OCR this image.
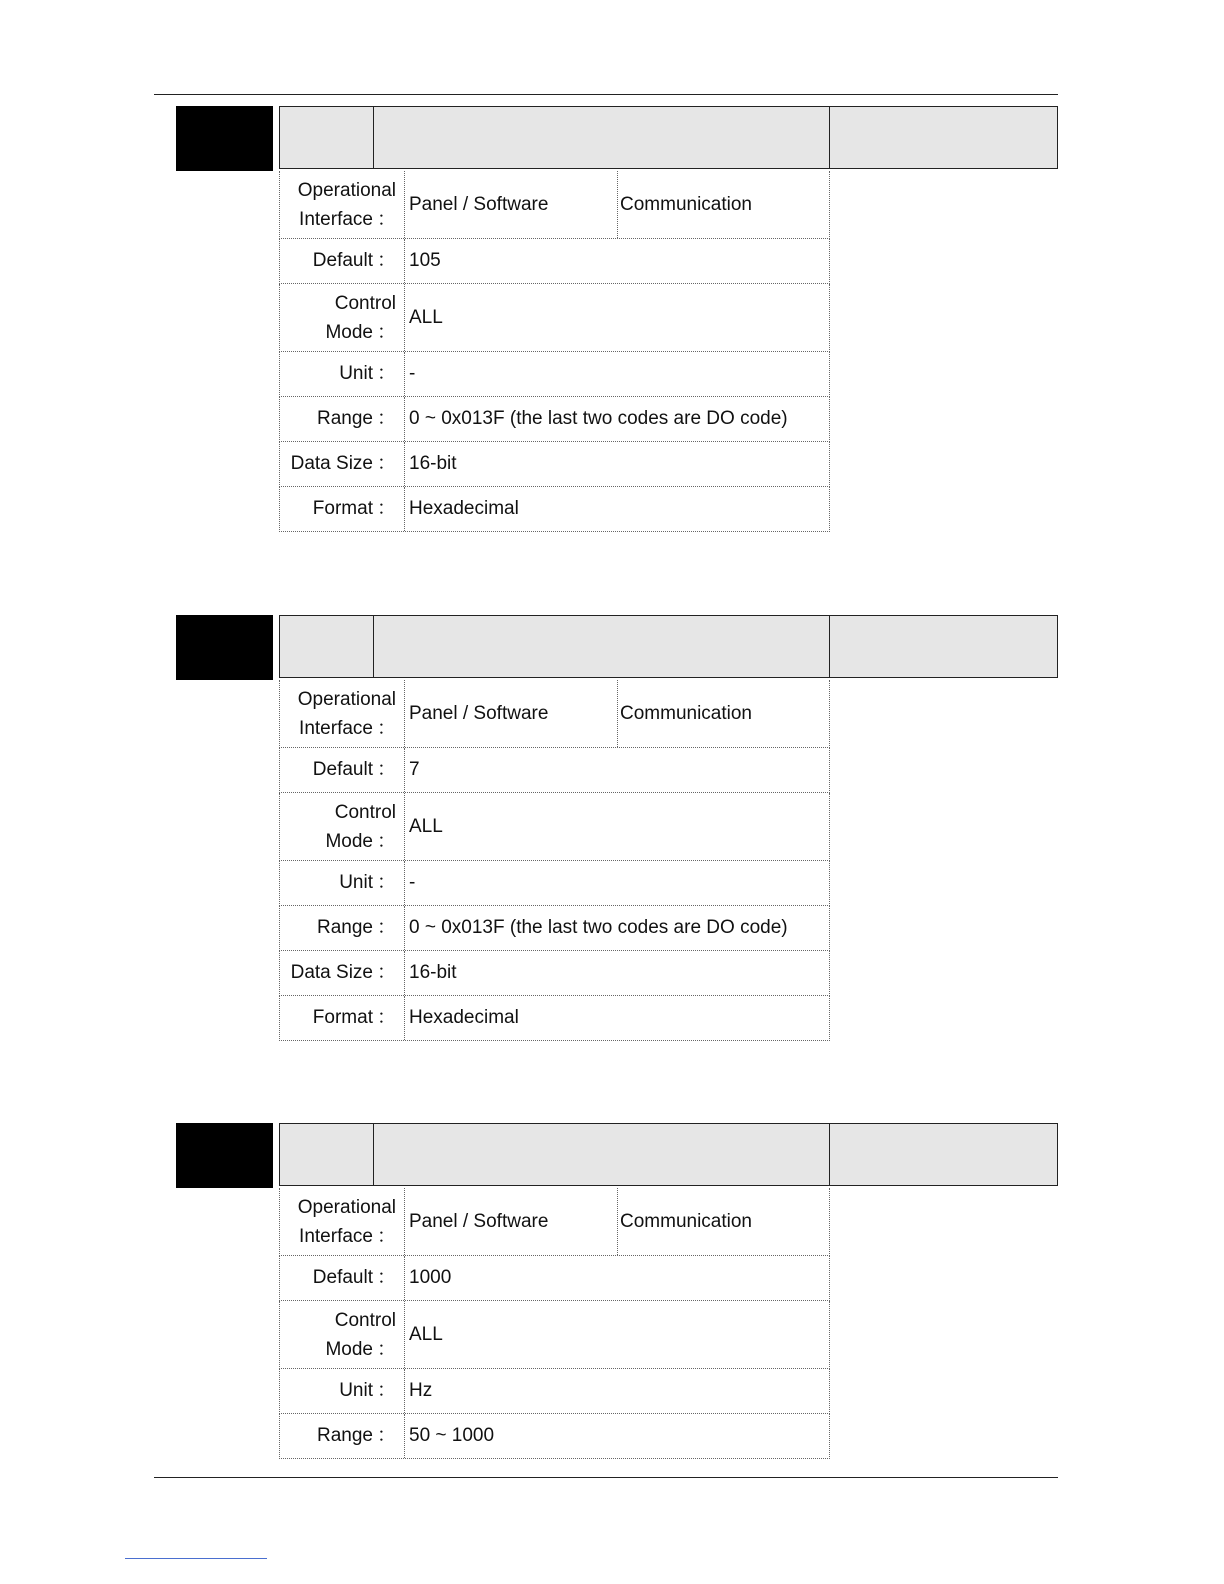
Operational
Interface ：
Panel / Software	Communication
Default ： 105
Control
Mode ：
ALL
Unit ： -
Range ： 0 ~ 0x013F (the last two codes are DO code)
Data Size ： 16-bit
Format ： Hexadecimal
Operational
Interface ：
Panel / Software	Communication
Default ： 7
Control
Mode ：
ALL
Unit ： -
Range ： 0 ~ 0x013F (the last two codes are DO code)
Data Size ： 16-bit
Format ： Hexadecimal
Operational
Interface ：
Panel / Software	Communication
Default ： 1000
Control
Mode ：
ALL
Unit ： Hz
Range ： 50 ~ 1000
